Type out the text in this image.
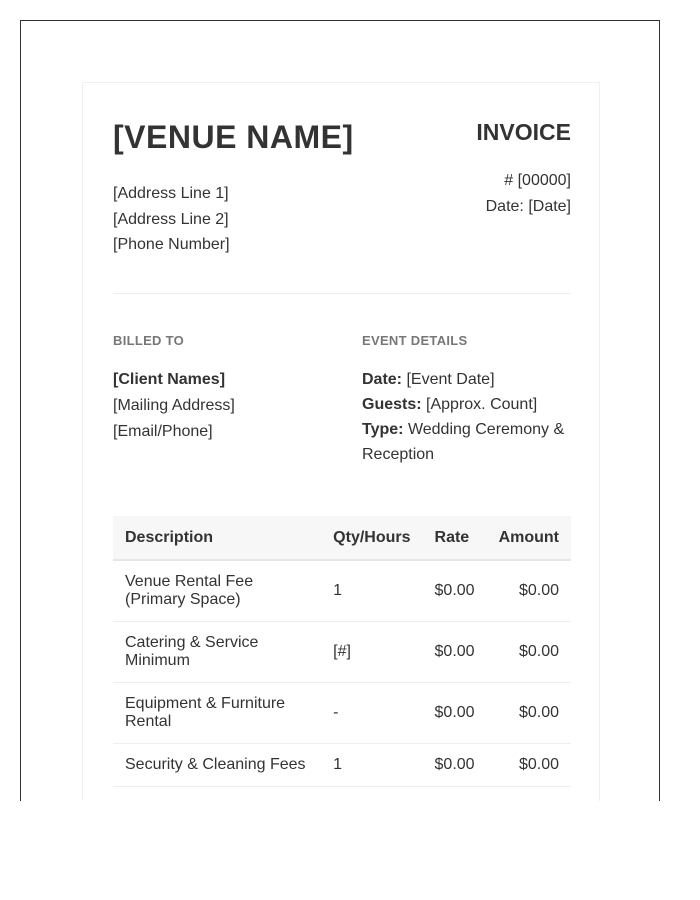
[VENUE NAME]
[Address Line 1]
[Address Line 2]
[Phone Number]
INVOICE
# [00000]
Date: [Date]
BILLED TO	EVENT DETAILS
[Client Names]
[Mailing Address]
[Email/Phone]
Date: [Event Date]
Guests: [Approx. Count]
Type: Wedding Ceremony & Reception
Description	Qty/Hours	Rate	Amount
Venue Rental Fee (Primary Space)	1	$0.00	$0.00
Catering & Service Minimum	[#]	$0.00	$0.00
Equipment & Furniture Rental	-	$0.00	$0.00
Security & Cleaning Fees	1	$0.00	$0.00
